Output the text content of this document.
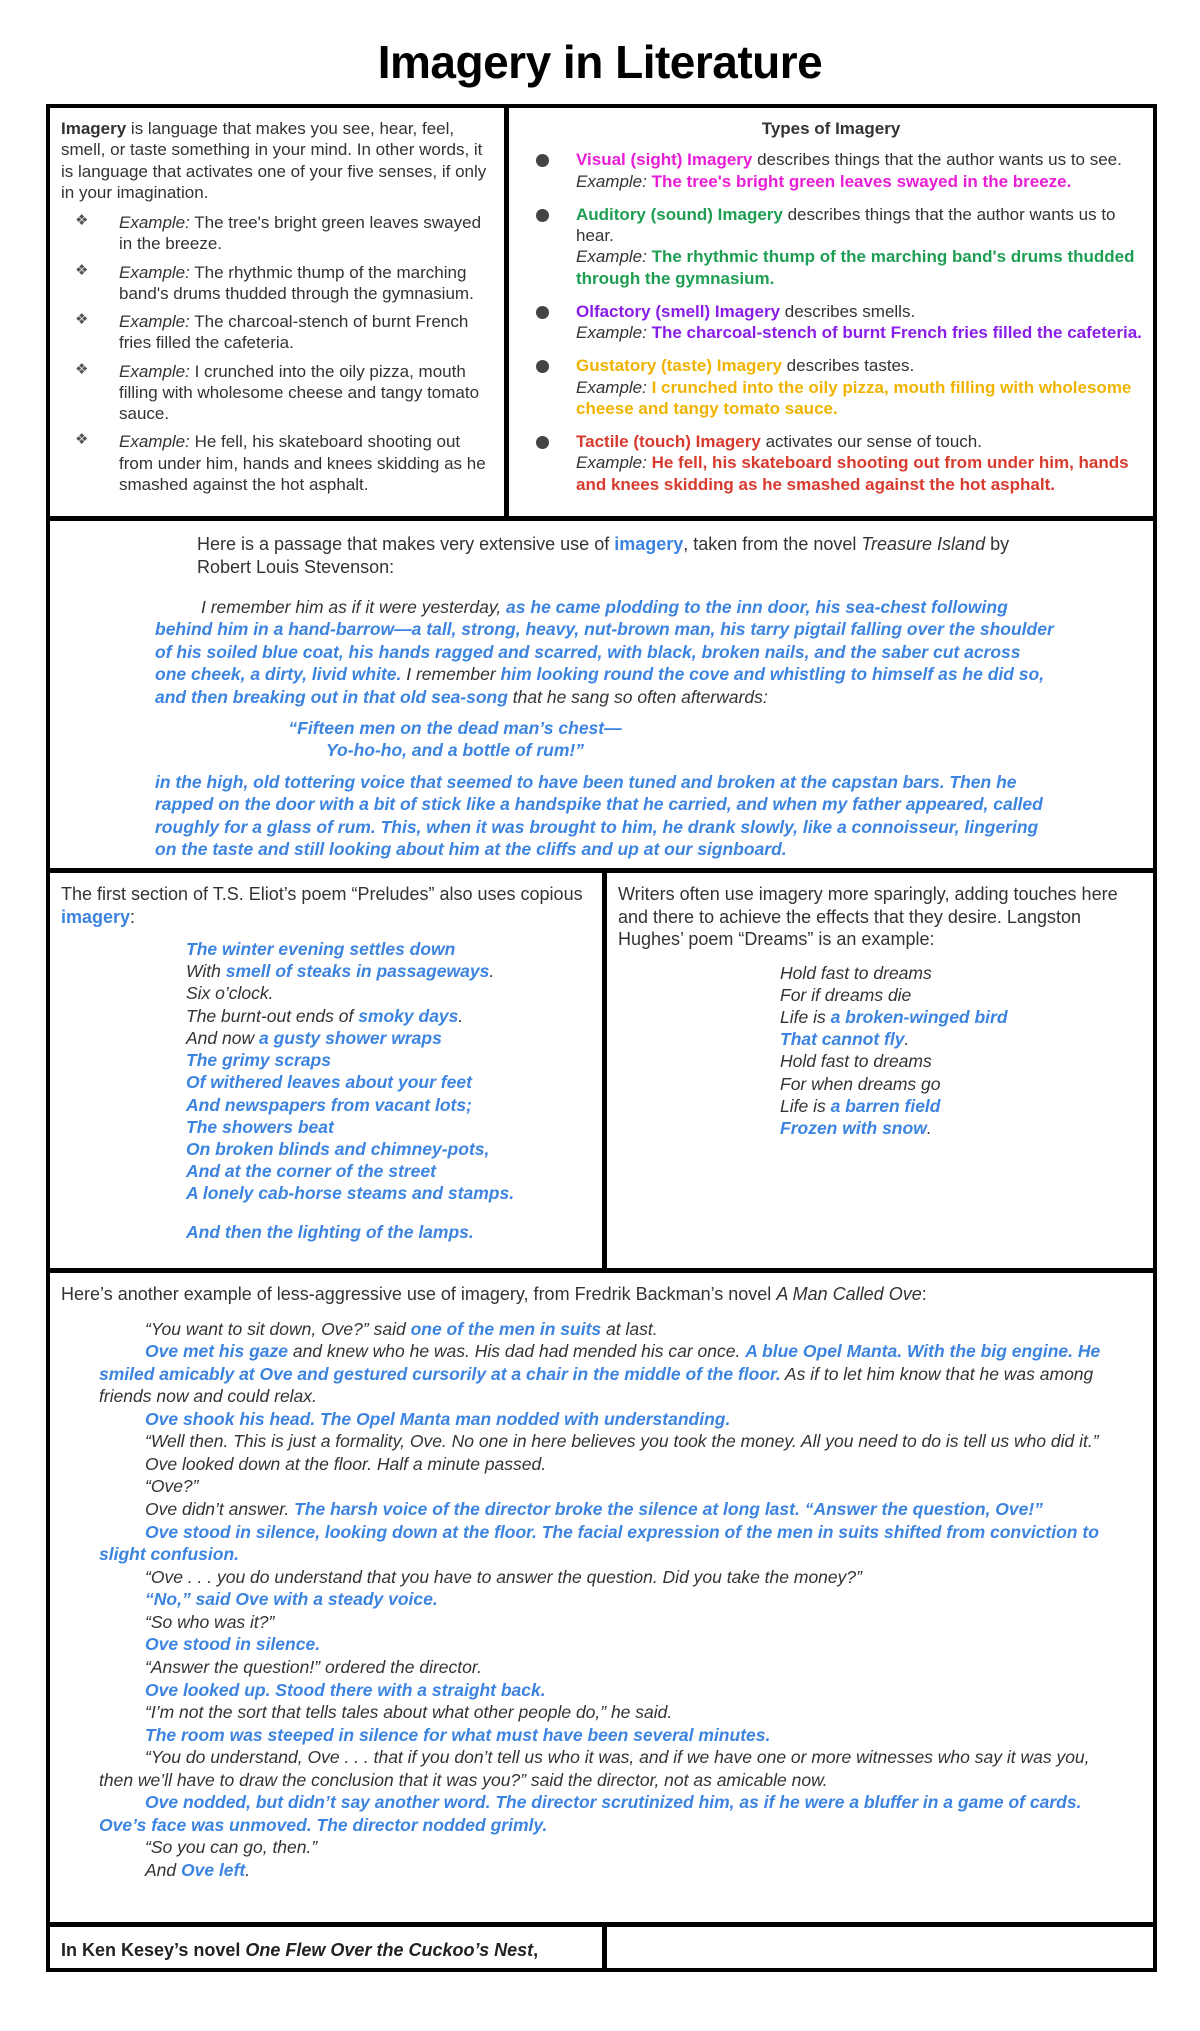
Imagery in Literature

Imagery is language that makes you see, hear, feel, smell, or taste something in your mind. In other words, it is language that activates one of your five senses, if only in your imagination.

❖ Example: The tree's bright green leaves swayed in the breeze.
❖ Example: The rhythmic thump of the marching band's drums thudded through the gymnasium.
❖ Example: The charcoal-stench of burnt French fries filled the cafeteria.
❖ Example: I crunched into the oily pizza, mouth filling with wholesome cheese and tangy tomato sauce.
❖ Example: He fell, his skateboard shooting out from under him, hands and knees skidding as he smashed against the hot asphalt.
Types of Imagery
Visual (sight) Imagery describes things that the author wants us to see.
Example: The tree's bright green leaves swayed in the breeze.
Auditory (sound) Imagery describes things that the author wants us to hear.
Example: The rhythmic thump of the marching band's drums thudded through the gymnasium.
Olfactory (smell) Imagery describes smells.
Example: The charcoal-stench of burnt French fries filled the cafeteria.
Gustatory (taste) Imagery describes tastes.
Example: I crunched into the oily pizza, mouth filling with wholesome cheese and tangy tomato sauce.
Tactile (touch) Imagery activates our sense of touch.
Example: He fell, his skateboard shooting out from under him, hands and knees skidding as he smashed against the hot asphalt.

Here is a passage that makes very extensive use of imagery, taken from the novel Treasure Island by Robert Louis Stevenson:

I remember him as if it were yesterday, as he came plodding to the inn door, his sea-chest following behind him in a hand-barrow—a tall, strong, heavy, nut-brown man, his tarry pigtail falling over the shoulder of his soiled blue coat, his hands ragged and scarred, with black, broken nails, and the saber cut across one cheek, a dirty, livid white. I remember him looking round the cove and whistling to himself as he did so, and then breaking out in that old sea-song that he sang so often afterwards:

“Fifteen men on the dead man’s chest—
Yo-ho-ho, and a bottle of rum!”

in the high, old tottering voice that seemed to have been tuned and broken at the capstan bars. Then he rapped on the door with a bit of stick like a handspike that he carried, and when my father appeared, called roughly for a glass of rum. This, when it was brought to him, he drank slowly, like a connoisseur, lingering on the taste and still looking about him at the cliffs and up at our signboard.

The first section of T.S. Eliot’s poem “Preludes” also uses copious imagery:

The winter evening settles down
With smell of steaks in passageways.
Six o’clock.
The burnt-out ends of smoky days.
And now a gusty shower wraps
The grimy scraps
Of withered leaves about your feet
And newspapers from vacant lots;
The showers beat
On broken blinds and chimney-pots,
And at the corner of the street
A lonely cab-horse steams and stamps.
And then the lighting of the lamps.

Writers often use imagery more sparingly, adding touches here and there to achieve the effects that they desire. Langston Hughes’ poem “Dreams” is an example:

Hold fast to dreams
For if dreams die
Life is a broken-winged bird
That cannot fly.
Hold fast to dreams
For when dreams go
Life is a barren field
Frozen with snow.

Here’s another example of less-aggressive use of imagery, from Fredrik Backman’s novel A Man Called Ove:

“You want to sit down, Ove?” said one of the men in suits at last.
Ove met his gaze and knew who he was. His dad had mended his car once. A blue Opel Manta. With the big engine. He smiled amicably at Ove and gestured cursorily at a chair in the middle of the floor. As if to let him know that he was among friends now and could relax.
Ove shook his head. The Opel Manta man nodded with understanding.
“Well then. This is just a formality, Ove. No one in here believes you took the money. All you need to do is tell us who did it.”
Ove looked down at the floor. Half a minute passed.
“Ove?”
Ove didn’t answer. The harsh voice of the director broke the silence at long last. “Answer the question, Ove!”
Ove stood in silence, looking down at the floor. The facial expression of the men in suits shifted from conviction to slight confusion.
“Ove . . . you do understand that you have to answer the question. Did you take the money?”
“No,” said Ove with a steady voice.
“So who was it?”
Ove stood in silence.
“Answer the question!” ordered the director.
Ove looked up. Stood there with a straight back.
“I’m not the sort that tells tales about what other people do,” he said.
The room was steeped in silence for what must have been several minutes.
“You do understand, Ove . . . that if you don’t tell us who it was, and if we have one or more witnesses who say it was you, then we’ll have to draw the conclusion that it was you?” said the director, not as amicable now.
Ove nodded, but didn’t say another word. The director scrutinized him, as if he were a bluffer in a game of cards. Ove’s face was unmoved. The director nodded grimly.
“So you can go, then.”
And Ove left.
In Ken Kesey’s novel One Flew Over the Cuckoo’s Nest,
